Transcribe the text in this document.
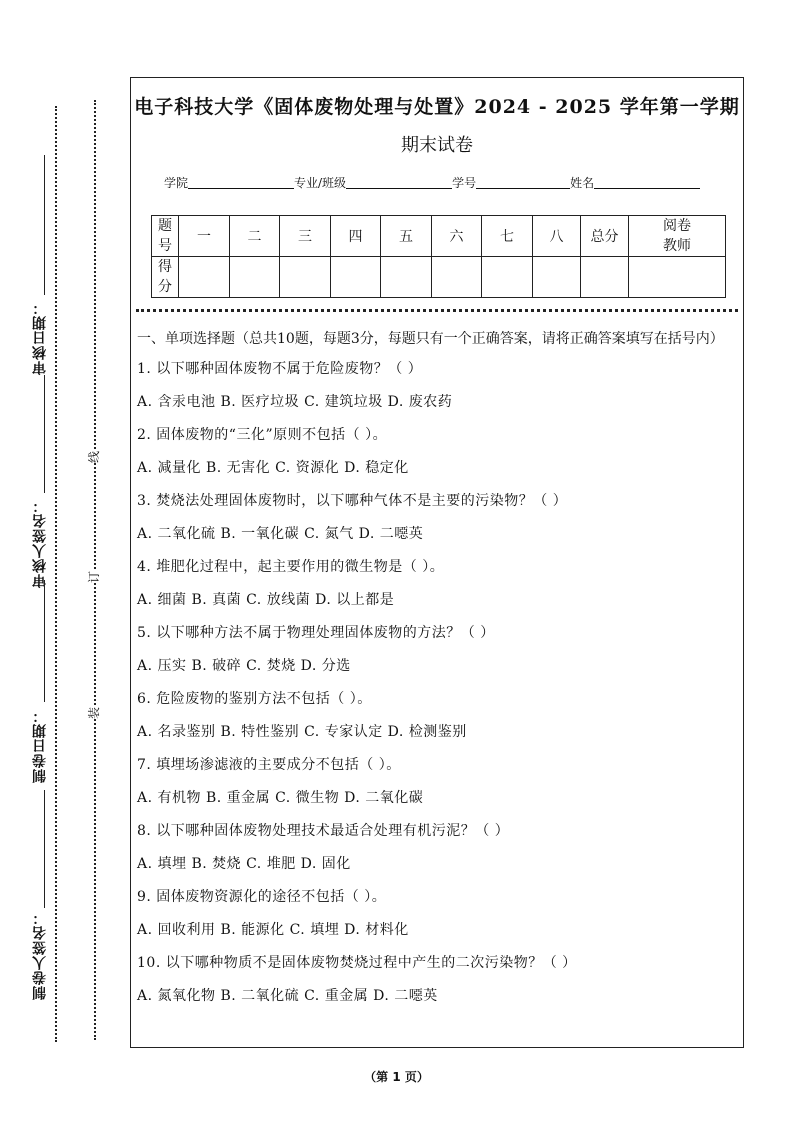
审核日期：
审核人签名：
制卷日期：
制卷人签名：
线
订
装
电子科技大学《固体废物处理与处置》2024 - 2025 学年第一学期
期末试卷
学院	专业/班级	学号	姓名
题号	一	二	三	四	五	六	七	八	总分	阅卷教师
得分										

一、单项选择题（总共10题，每题3分，每题只有一个正确答案，请将正确答案填写在括号内）

1. 以下哪种固体废物不属于危险废物？（ ）

A. 含汞电池 B. 医疗垃圾 C. 建筑垃圾 D. 废农药

2. 固体废物的“三化”原则不包括（ ）。

A. 减量化 B. 无害化 C. 资源化 D. 稳定化

3. 焚烧法处理固体废物时，以下哪种气体不是主要的污染物？（ ）

A. 二氧化硫 B. 一氧化碳 C. 氮气 D. 二噁英

4. 堆肥化过程中，起主要作用的微生物是（ ）。

A. 细菌 B. 真菌 C. 放线菌 D. 以上都是

5. 以下哪种方法不属于物理处理固体废物的方法？（ ）

A. 压实 B. 破碎 C. 焚烧 D. 分选

6. 危险废物的鉴别方法不包括（ ）。

A. 名录鉴别 B. 特性鉴别 C. 专家认定 D. 检测鉴别

7. 填埋场渗滤液的主要成分不包括（ ）。

A. 有机物 B. 重金属 C. 微生物 D. 二氧化碳

8. 以下哪种固体废物处理技术最适合处理有机污泥？（ ）

A. 填埋 B. 焚烧 C. 堆肥 D. 固化

9. 固体废物资源化的途径不包括（ ）。

A. 回收利用 B. 能源化 C. 填埋 D. 材料化

10. 以下哪种物质不是固体废物焚烧过程中产生的二次污染物？（ ）

A. 氮氧化物 B. 二氧化硫 C. 重金属 D. 二噁英

（第 1 页）
